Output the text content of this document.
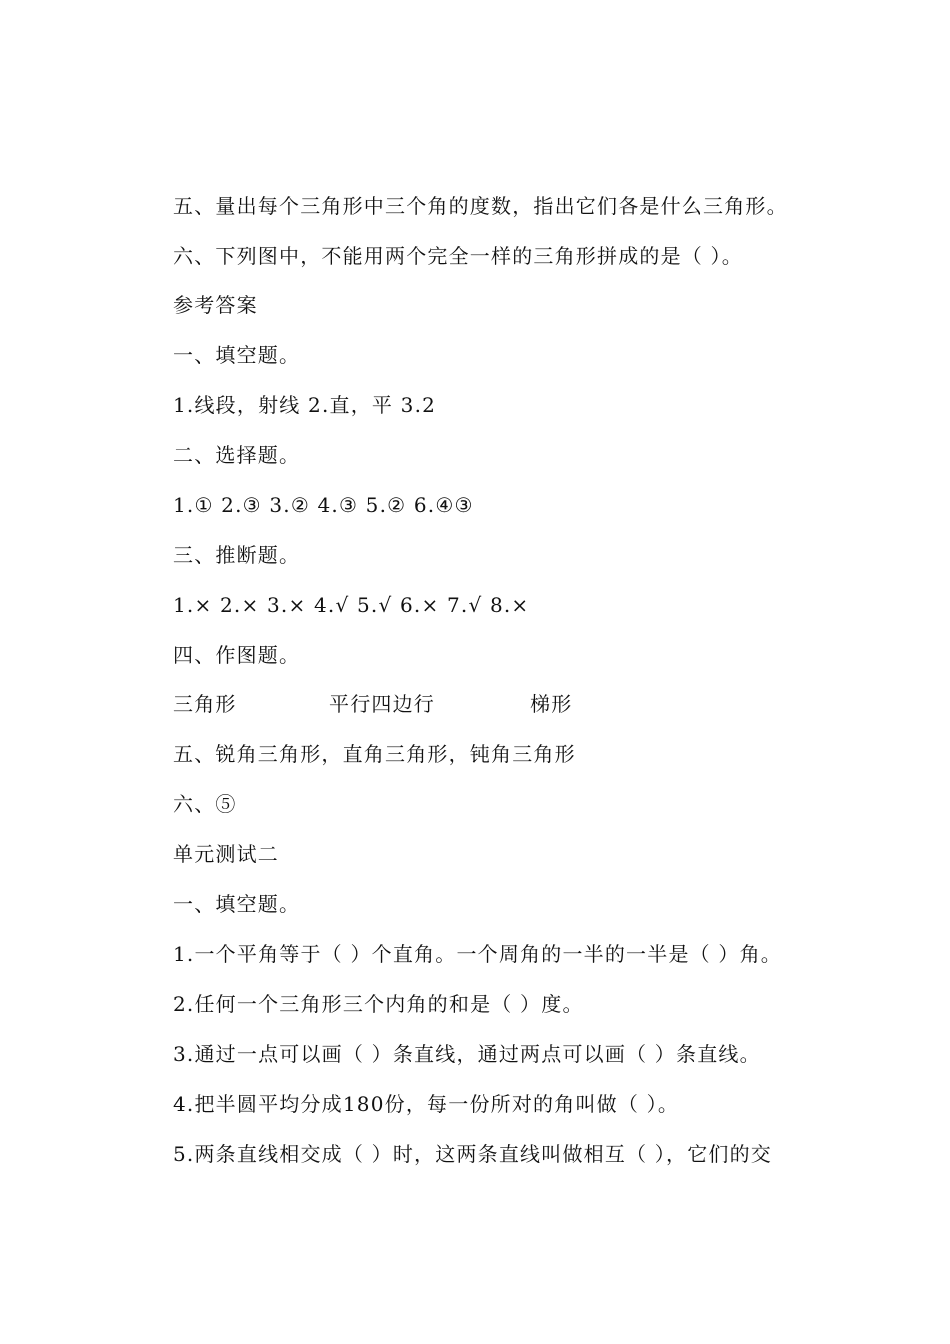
五、量出每个三角形中三个角的度数，指出它们各是什么三角形。
六、下列图中，不能用两个完全一样的三角形拼成的是（ ）。
参考答案
一、填空题。
1.线段，射线 2.直，平 3.2
二、选择题。
1.① 2.③ 3.② 4.③ 5.② 6.④③
三、推断题。
1.× 2.× 3.× 4.√ 5.√ 6.× 7.√ 8.×
四、作图题。

三角形

	平行四边行

	梯形

五、锐角三角形，直角三角形，钝角三角形
六、⑤
单元测试二
一、填空题。
1.一个平角等于（ ）个直角。一个周角的一半的一半是（ ）角。
2.任何一个三角形三个内角的和是（ ）度。
3.通过一点可以画（ ）条直线，通过两点可以画（ ）条直线。
4.把半圆平均分成180份，每一份所对的角叫做（ ）。
5.两条直线相交成（ ）时，这两条直线叫做相互（ ），它们的交
